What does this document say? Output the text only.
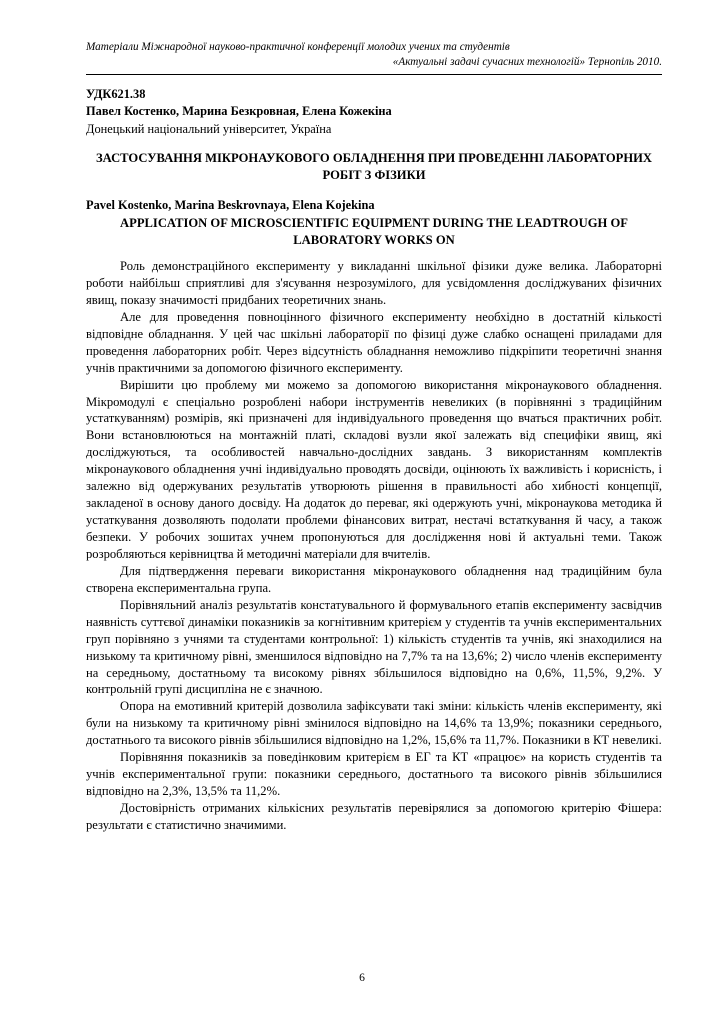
Матеріали Міжнародної науково-практичної конференції молодих учених та студентів
«Актуальні задачі сучасних технологій» Тернопіль 2010.
УДК621.38
Павел Костенко, Марина Безкровная, Елена Кожекіна
Донецький національний університет, Україна
ЗАСТОСУВАННЯ МІКРОНАУКОВОГО ОБЛАДНЕННЯ ПРИ ПРОВЕДЕННІ ЛАБОРАТОРНИХ РОБІТ З ФІЗИКИ
Pavel Kostenko, Marina Beskrovnaya, Elena Kojekina
APPLICATION OF MICROSCIENTIFIC EQUIPMENT DURING THE LEADTROUGH OF LABORATORY WORKS ON

Роль демонстраційного експерименту у викладанні шкільної фізики дуже велика. Лабораторні роботи найбільш сприятливі для з'ясування незрозумілого, для усвідомлення досліджуваних фізичних явищ, показу значимості придбаних теоретичних знань.

Але для проведення повноцінного фізичного експерименту необхідно в достатній кількості відповідне обладнання. У цей час шкільні лабораторії по фізиці дуже слабко оснащені приладами для проведення лабораторних робіт. Через відсутність обладнання неможливо підкріпити теоретичні знання учнів практичними за допомогою фізичного експерименту.

Вирішити цю проблему ми можемо за допомогою використання мікронаукового обладнення. Мікромодулі є спеціально розроблені набори інструментів невеликих (в порівнянні з традиційним устаткуванням) розмірів, які призначені для індивідуального проведення що вчаться практичних робіт. Вони встановлюються на монтажній платі, складові вузли якої залежать від специфіки явищ, які досліджуються, та особливостей навчально-дослідних завдань. З використанням комплектів мікронаукового обладнення учні індивідуально проводять досвіди, оцінюють їх важливість і корисність, і залежно від одержуваних результатів утворюють рішення в правильності або хибності концепції, закладеної в основу даного досвіду. На додаток до переваг, які одержують учні, мікронаукова методика й устаткування дозволяють подолати проблеми фінансових витрат, нестачі встаткування й часу, а також безпеки. У робочих зошитах учнем пропонуються для дослідження нові й актуальні теми. Також розробляються керівництва й методичні матеріали для вчителів.

Для підтвердження переваги використання мікронаукового обладнення над традиційним була створена експериментальна група.

Порівняльний аналіз результатів констатувального й формувального етапів експерименту засвідчив наявність суттєвої динаміки показників за когнітивним критерієм у студентів та учнів експериментальних груп порівняно з учнями та студентами контрольної: 1) кількість студентів та учнів, які знаходилися на низькому та критичному рівні, зменшилося відповідно на 7,7% та на 13,6%; 2) число членів експерименту на середньому, достатньому та високому рівнях збільшилося відповідно на 0,6%, 11,5%, 9,2%. У контрольній групі дисципліна не є значною.

Опора на емотивний критерій дозволила зафіксувати такі зміни: кількість членів експерименту, які були на низькому та критичному рівні змінилося відповідно на 14,6% та 13,9%; показники середнього, достатнього та високого рівнів збільшилися відповідно на 1,2%, 15,6% та 11,7%. Показники в КТ невеликі.

Порівняння показників за поведінковим критерієм в ЕГ та КТ «працює» на користь студентів та учнів експериментальної групи: показники середнього, достатнього та високого рівнів збільшилися відповідно на 2,3%, 13,5% та 11,2%.

Достовірність отриманих кількісних результатів перевірялися за допомогою критерію Фішера: результати є статистично значимими.

6
